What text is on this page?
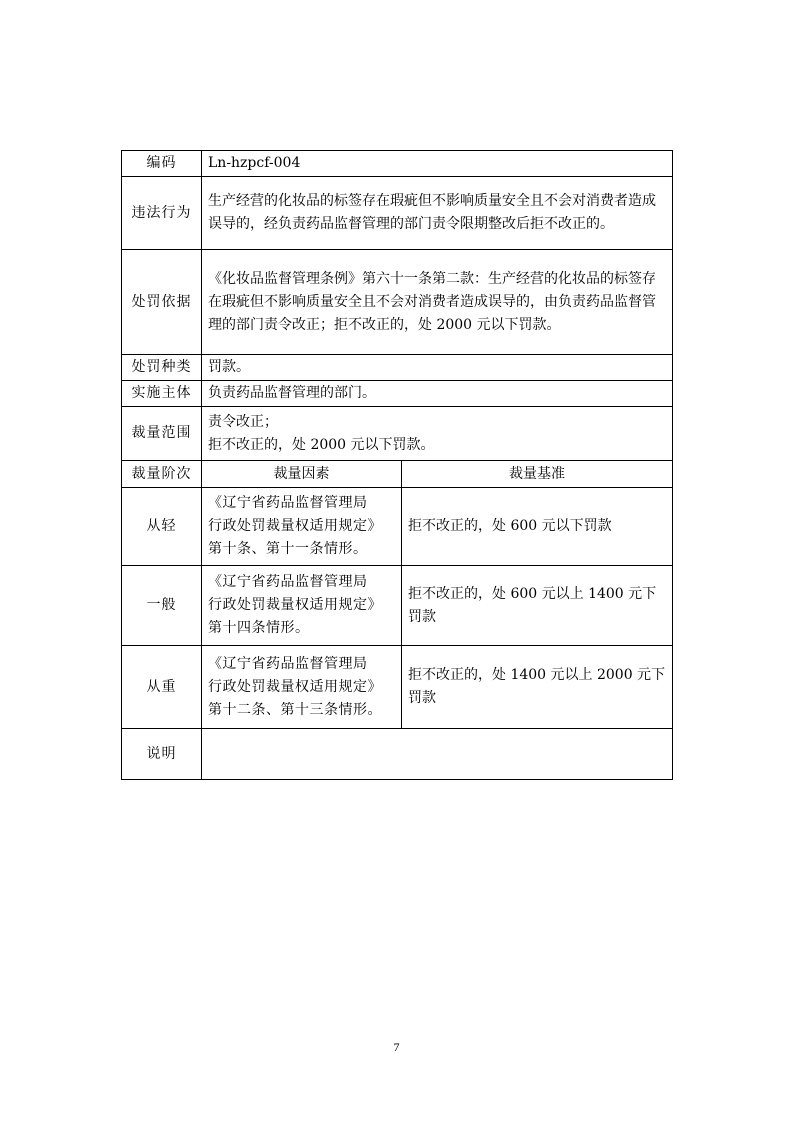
编码	Ln-hzpcf-004	
违法行为	生产经营的化妆品的标签存在瑕疵但不影响质量安全且不会对消费者造成误导的，经负责药品监督管理的部门责令限期整改后拒不改正的。	
处罚依据	《化妆品监督管理条例》第六十一条第二款：生产经营的化妆品的标签存在瑕疵但不影响质量安全且不会对消费者造成误导的，由负责药品监督管理的部门责令改正；拒不改正的，处 2000 元以下罚款。	
处罚种类	罚款。	
实施主体	负责药品监督管理的部门。	
裁量范围	责令改正；
拒不改正的，处 2000 元以下罚款。	

裁量阶次	裁量因素	裁量基准
从轻	《辽宁省药品监督管理局
行政处罚裁量权适用规定》
第十条、第十一条情形。	拒不改正的，处 600 元以下罚款
一般	《辽宁省药品监督管理局
行政处罚裁量权适用规定》
第十四条情形。	拒不改正的，处 600 元以上 1400 元下罚款
从重	《辽宁省药品监督管理局
行政处罚裁量权适用规定》
第十二条、第十三条情形。	拒不改正的，处 1400 元以上 2000 元下罚款
说明		
7
